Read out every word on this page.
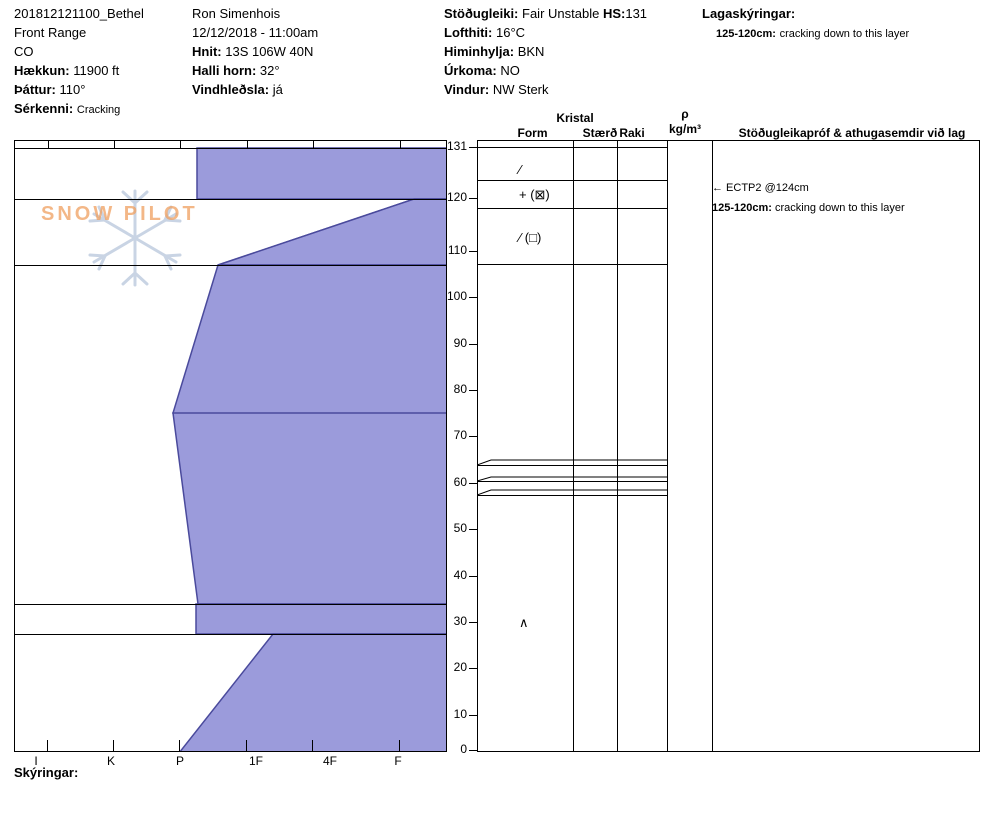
201812121100_Bethel
Front Range
CO
Hækkun: 11900 ft
Þáttur: 110°
Sérkenni: Cracking
Ron Simenhois
12/12/2018 - 11:00am
Hnit: 13S 106W 40N
Halli horn: 32°
Vindhleðsla: já
Stöðugleiki: Fair Unstable HS:131
Lofthiti: 16°C
Himinhylja: BKN
Úrkoma: NO
Vindur: NW Sterk
Lagaskýringar:
125-120cm: cracking down to this layer
SNOW PILOT
I	K	P	1F	4F	F
Skýringar:
131
120
110
100
90
80
70
60
50
40
30
20
10
0
Kristal
Form	Stærð Raki
ρ
kg/m³	Stöðugleikapróf & athugasemdir við lag
⁄
+ (⊠)
⁄ (□)
∧
← ECTP2 @124cm
125-120cm: cracking down to this layer
